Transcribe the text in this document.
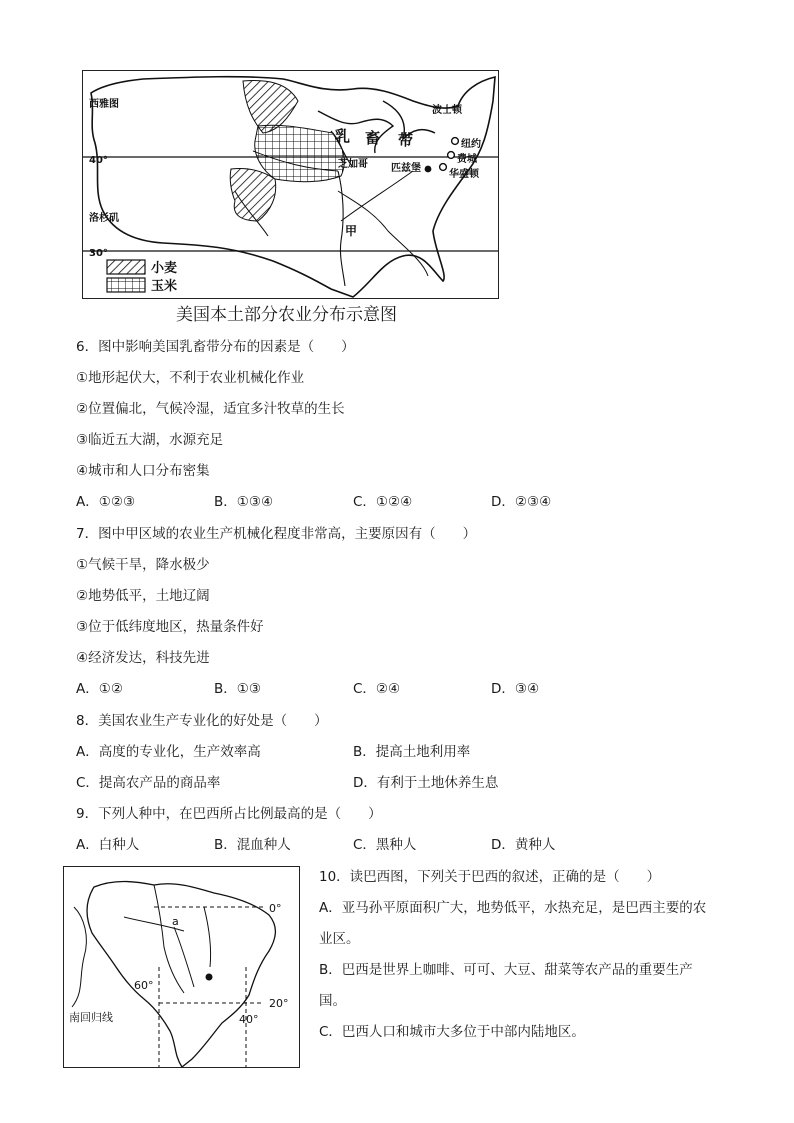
西雅图
40°
洛杉矶
30°
波士顿
纽约
费城
华盛顿
芝加哥 匹兹堡
乳 畜 带
甲
小麦
玉米
美国本土部分农业分布示意图
6．图中影响美国乳畜带分布的因素是（　　）
①地形起伏大，不利于农业机械化作业
②位置偏北，气候冷湿，适宜多汁牧草的生长
③临近五大湖，水源充足
④城市和人口分布密集
A．①②③	B．①③④	C．①②④	D．②③④
7．图中甲区域的农业生产机械化程度非常高，主要原因有（　　）
①气候干旱，降水极少
②地势低平，土地辽阔
③位于低纬度地区，热量条件好
④经济发达，科技先进
A．①②	B．①③	C．②④	D．③④
8．美国农业生产专业化的好处是（　　）
A．高度的专业化，生产效率高	B．提高土地利用率
C．提高农产品的商品率	D．有利于土地休养生息
9．下列人种中，在巴西所占比例最高的是（　　）
A．白种人	B．混血种人	C．黑种人	D．黄种人
0°
a
60°
20°
南回归线	40°
10．读巴西图，下列关于巴西的叙述，正确的是（　　）
A．亚马孙平原面积广大，地势低平，水热充足，是巴西主要的农
业区。
B．巴西是世界上咖啡、可可、大豆、甜菜等农产品的重要生产
国。
C．巴西人口和城市大多位于中部内陆地区。
